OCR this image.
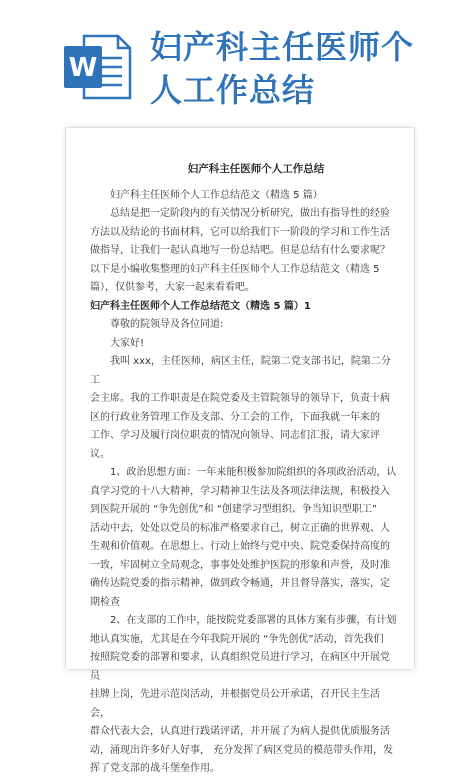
W
妇产科主任医师个
人工作总结
妇产科主任医师个人工作总结

妇产科主任医师个人工作总结范文（精选 5 篇）

总结是把一定阶段内的有关情况分析研究，做出有指导性的经验
方法以及结论的书面材料，它可以给我们下一阶段的学习和工作生活
做指导，让我们一起认真地写一份总结吧。但是总结有什么要求呢？

以下是小编收集整理的妇产科主任医师个人工作总结范文（精选 5
篇），仅供参考，大家一起来看看吧。

妇产科主任医师个人工作总结范文（精选 5 篇）1

尊敬的院领导及各位同道:

大家好!

我叫 xxx，主任医师，病区主任，院第二党支部书记，院第二分工
会主席。我的工作职责是在院党委及主管院领导的领导下，负责十病
区的行政业务管理工作及支部、分工会的工作，下面我就一年来的
工作、学习及履行岗位职责的情况向领导、同志们汇报，请大家评议。

1、政治思想方面：一年来能积极参加院组织的各项政治活动，认
真学习党的十八大精神，学习精神卫生法及各项法律法规，积极投入
到医院开展的 “争先创优”和 “创建学习型组织、争当知识型职工”
活动中去，处处以党员的标准严格要求自己，树立正确的世界观、人
生观和价值观。在思想上、行动上始终与党中央、院党委保持高度的
一致，牢固树立全局观念，事事处处维护医院的形象和声誉，及时准
确传达院党委的指示精神，做到政令畅通，并且督导落实，落实，定
期检查

2、在支部的工作中，能按院党委部署的具体方案有步骤，有计划
地认真实施，尤其是在今年我院开展的 “争先创优”活动，首先我们
按照院党委的部署和要求，认真组织党员进行学习，在病区中开展党员
挂牌上岗，先进示范岗活动，并根据党员公开承诺，召开民主生活会，
群众代表大会，认真进行践诺评诺，并开展了为病人提供优质服务活
动，涌现出许多好人好事， 充分发挥了病区党员的模范带头作用，发
挥了党支部的战斗堡垒作用。
